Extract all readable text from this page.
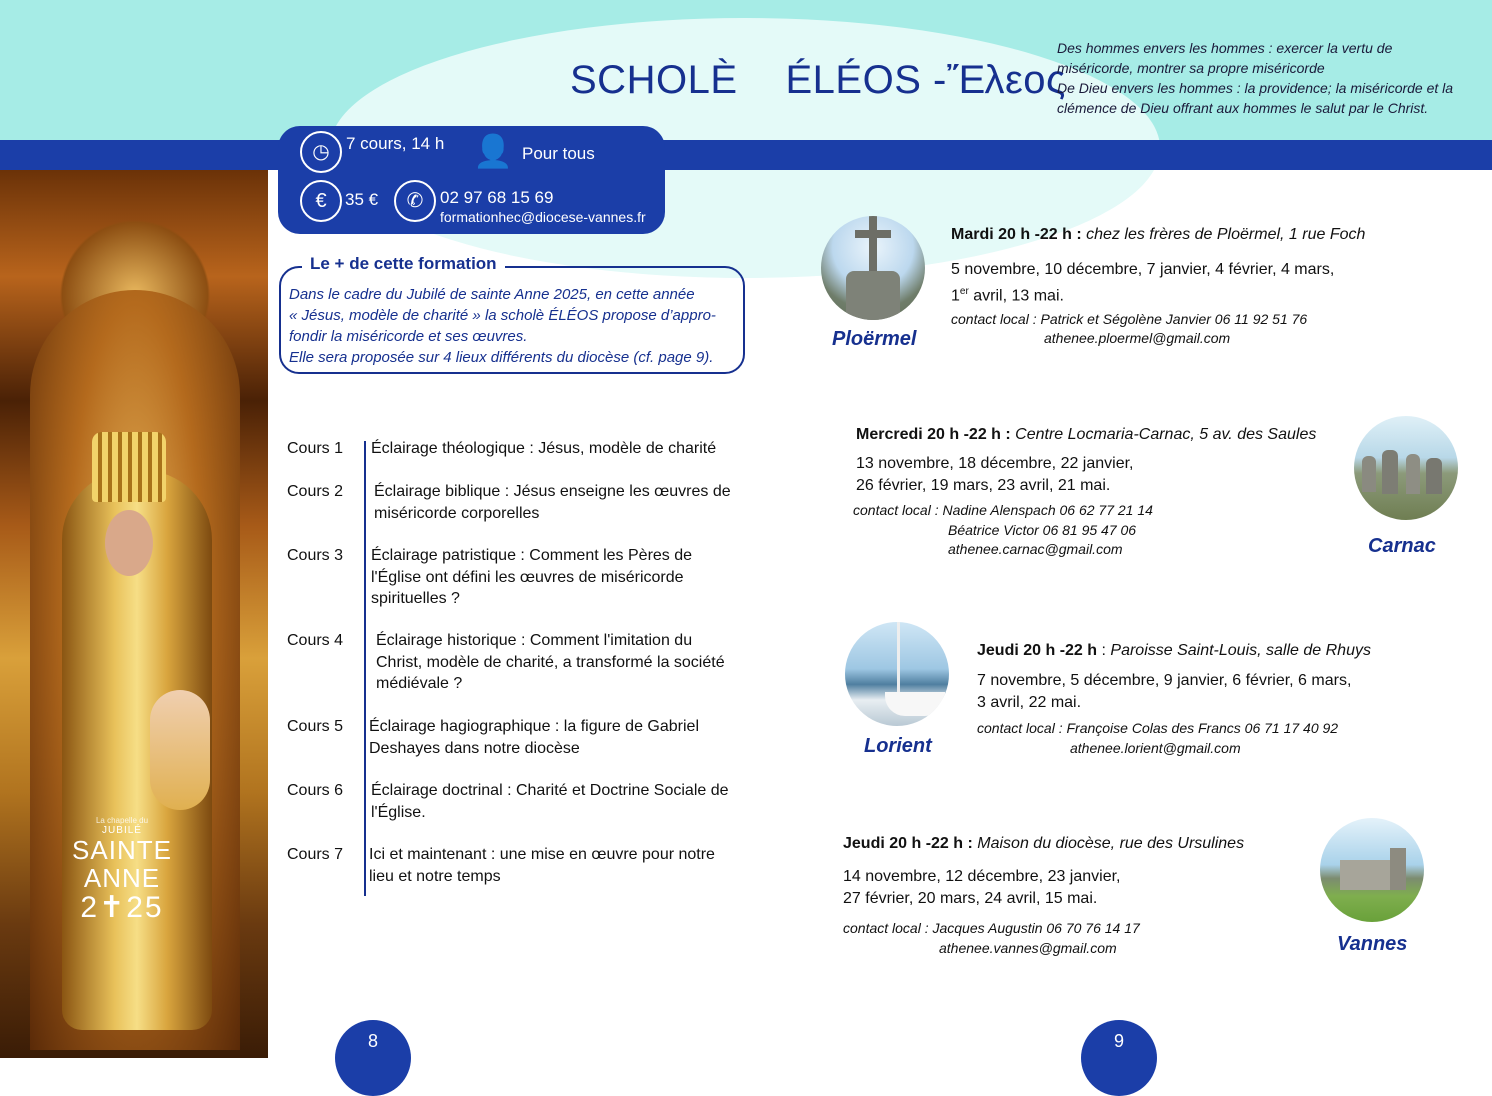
SCHOLÈ ÉLÉOS -Ἔλεος
Des hommes envers les hommes : exercer la vertu de
miséricorde, montrer sa propre miséricorde
De Dieu envers les hommes : la providence; la miséricorde et la
clémence de Dieu offrant aux hommes le salut par le Christ.
La chapelle du
JUBILÉ
SAINTE
ANNE
2✝25
◷ 7 cours, 14 h 👤 Pour tous
€	35 €	✆ 02 97 68 15 69
formationhec@diocese-vannes.fr
Le + de cette formation
Dans le cadre du Jubilé de sainte Anne 2025, en cette année
« Jésus, modèle de charité » la scholè ÉLÉOS propose d’appro-
fondir la miséricorde et ses œuvres.
Elle sera proposée sur 4 lieux différents du diocèse (cf. page 9).
Cours 1 Éclairage théologique : Jésus, modèle de charité
Cours 2 Éclairage biblique : Jésus enseigne les œuvres de miséricorde corporelles
Cours 3 Éclairage patristique : Comment les Pères de l'Église ont défini les œuvres de miséricorde spirituelles ?
Cours 4 Éclairage historique : Comment l'imitation du Christ, modèle de charité, a transformé la société médiévale ?
Cours 5 Éclairage hagiographique : la figure de Gabriel Deshayes dans notre diocèse
Cours 6 Éclairage doctrinal : Charité et Doctrine Sociale de l'Église.
Cours 7 Ici et maintenant : une mise en œuvre pour notre lieu et notre temps
Ploërmel
Mardi 20 h -22 h : chez les frères de Ploërmel, 1 rue Foch
5 novembre, 10 décembre, 7 janvier, 4 février, 4 mars,
1er avril, 13 mai.
contact local : Patrick et Ségolène Janvier 06 11 92 51 76
athenee.ploermel@gmail.com
Mercredi 20 h -22 h : Centre Locmaria-Carnac, 5 av. des Saules
13 novembre, 18 décembre, 22 janvier,
26 février, 19 mars, 23 avril, 21 mai.
contact local : Nadine Alenspach 06 62 77 21 14
Béatrice Victor 06 81 95 47 06
athenee.carnac@gmail.com	Carnac
Lorient
Jeudi 20 h -22 h : Paroisse Saint-Louis, salle de Rhuys
7 novembre, 5 décembre, 9 janvier, 6 février, 6 mars,
3 avril, 22 mai.
contact local : Françoise Colas des Francs 06 71 17 40 92
athenee.lorient@gmail.com
Jeudi 20 h -22 h : Maison du diocèse, rue des Ursulines
14 novembre, 12 décembre, 23 janvier,
27 février, 20 mars, 24 avril, 15 mai.
contact local : Jacques Augustin 06 70 76 14 17
athenee.vannes@gmail.com	Vannes
8	9
